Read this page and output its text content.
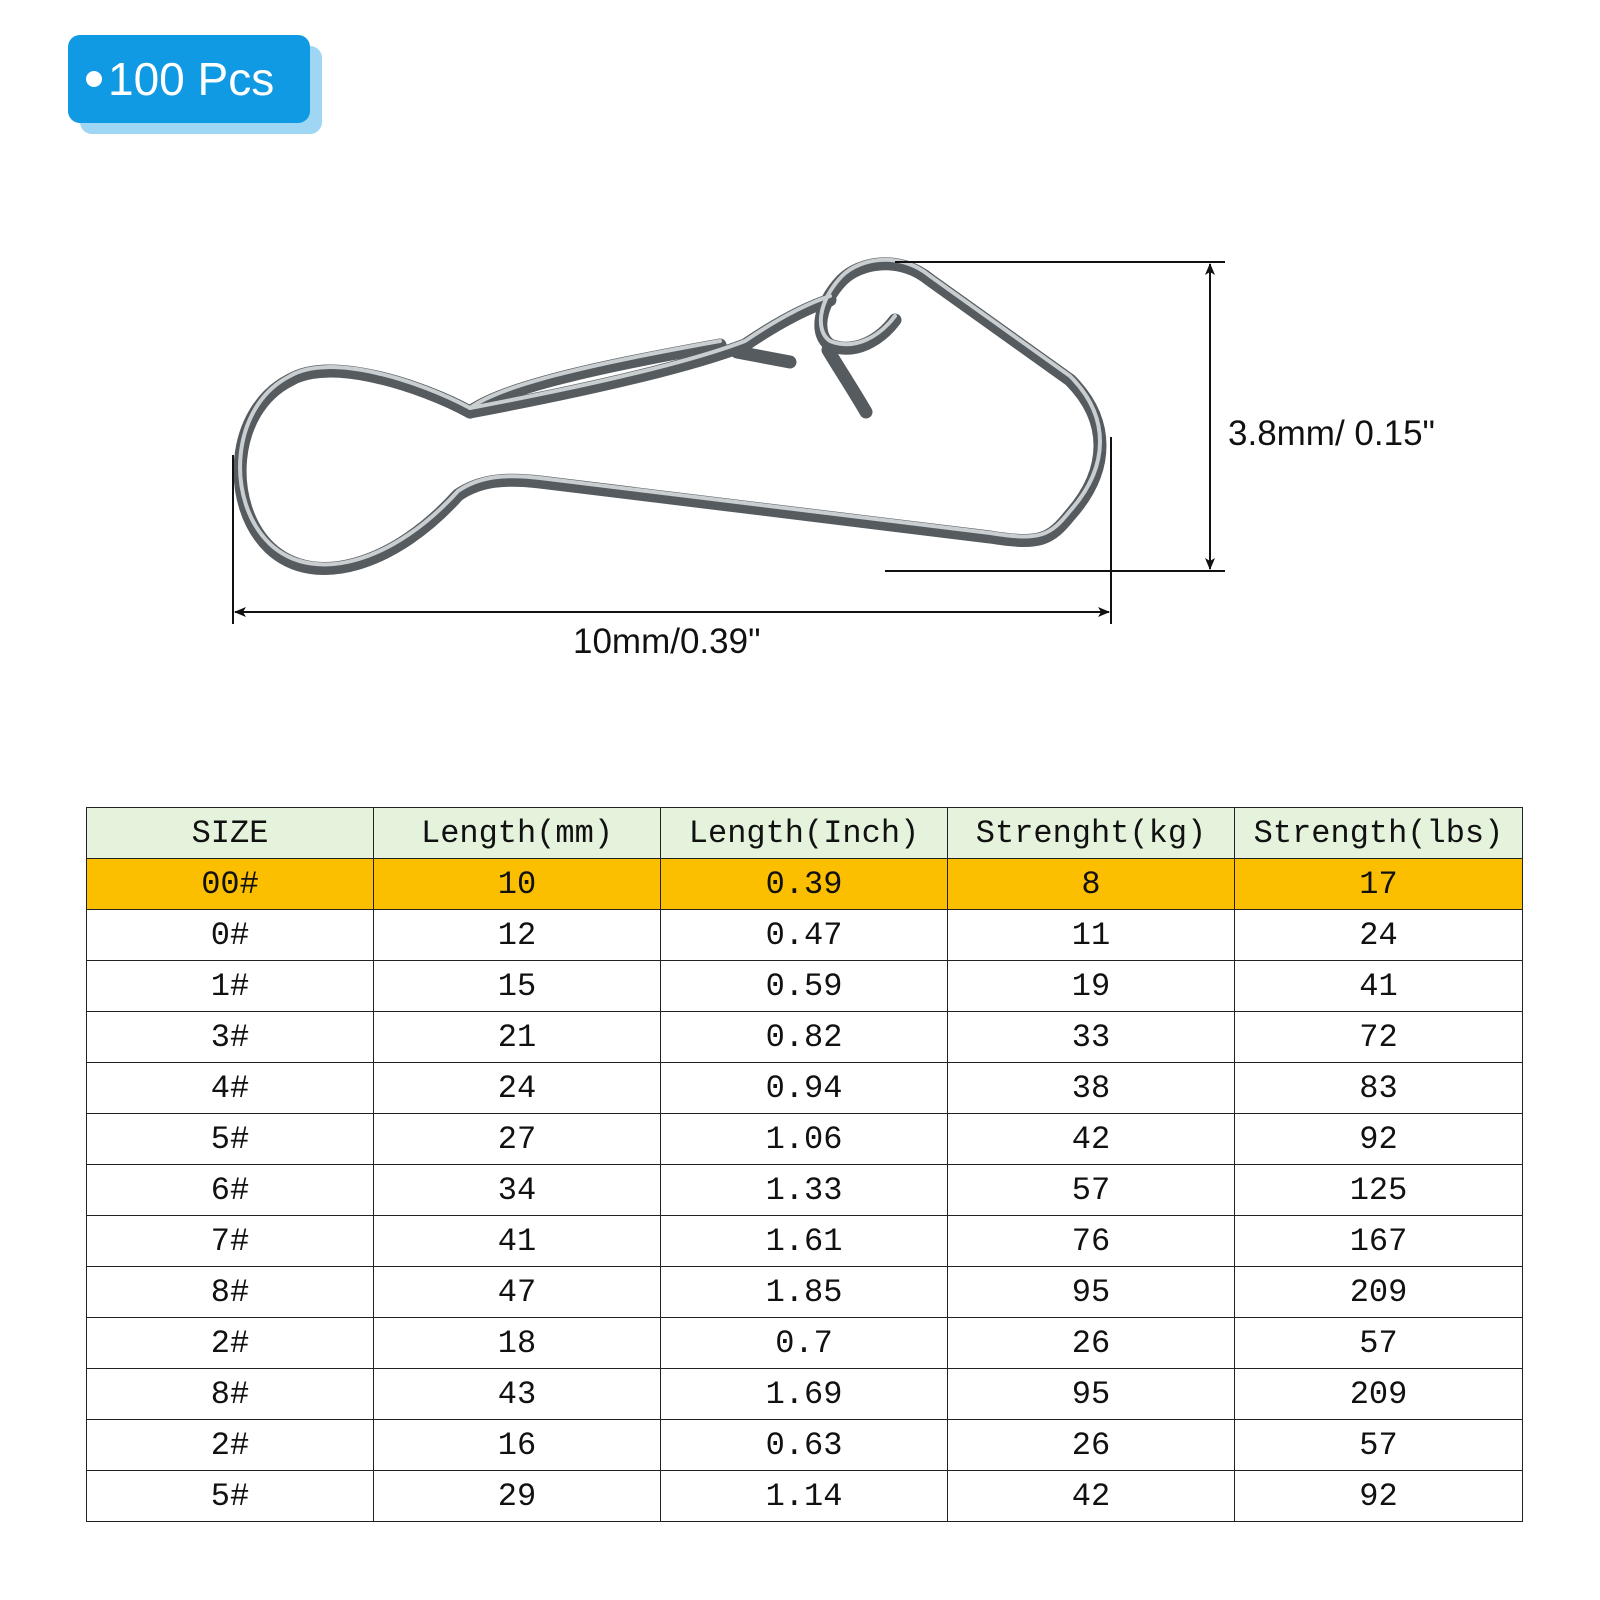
100 Pcs
3.8mm/ 0.15"
10mm/0.39"
SIZE	Length(mm)	Length(Inch)	Strenght(kg)	Strength(lbs)
00#	10	0.39	8	17
0#	12	0.47	11	24
1#	15	0.59	19	41
3#	21	0.82	33	72
4#	24	0.94	38	83
5#	27	1.06	42	92
6#	34	1.33	57	125
7#	41	1.61	76	167
8#	47	1.85	95	209
2#	18	0.7	26	57
8#	43	1.69	95	209
2#	16	0.63	26	57
5#	29	1.14	42	92
